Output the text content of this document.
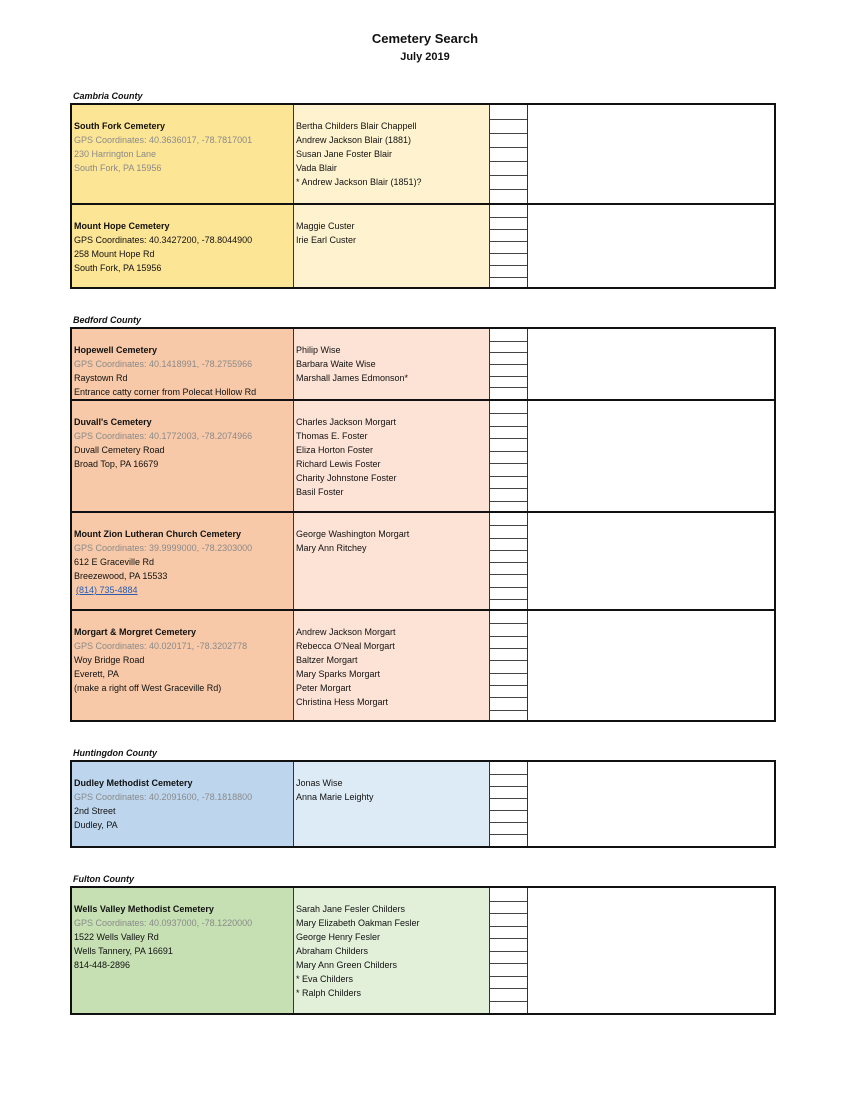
Cemetery Search
July 2019
Cambria County
South Fork Cemetery
GPS Coordinates: 40.3636017, -78.7817001
230 Harrington Lane
South Fork, PA 15956
Bertha Childers Blair Chappell
Andrew Jackson Blair (1881)
Susan Jane Foster Blair
Vada Blair
* Andrew Jackson Blair (1851)?
Mount Hope Cemetery
GPS Coordinates: 40.3427200, -78.8044900
258 Mount Hope Rd
South Fork, PA 15956
Maggie Custer
Irie Earl Custer
Bedford County
Hopewell Cemetery
GPS Coordinates: 40.1418991, -78.2755966
Raystown Rd
Entrance catty corner from Polecat Hollow Rd
Philip Wise
Barbara Waite Wise
Marshall James Edmonson*
Duvall's Cemetery
GPS Coordinates: 40.1772003, -78.2074966
Duvall Cemetery Road
Broad Top, PA 16679
Charles Jackson Morgart
Thomas E. Foster
Eliza Horton Foster
Richard Lewis Foster
Charity Johnstone Foster
Basil Foster
Mount Zion Lutheran Church Cemetery
GPS Coordinates: 39.9999000, -78.2303000
612 E Graceville Rd
Breezewood, PA 15533
(814) 735-4884
George Washington Morgart
Mary Ann Ritchey
Morgart & Morgret Cemetery
GPS Coordinates: 40.020171, -78.3202778
Woy Bridge Road
Everett, PA
(make a right off West Graceville Rd)
Andrew Jackson Morgart
Rebecca O'Neal Morgart
Baltzer Morgart
Mary Sparks Morgart
Peter Morgart
Christina Hess Morgart
Huntingdon County
Dudley Methodist Cemetery
GPS Coordinates: 40.2091600, -78.1818800
2nd Street
Dudley, PA
Jonas Wise
Anna Marie Leighty
Fulton County
Wells Valley Methodist Cemetery
GPS Coordinates: 40.0937000, -78.1220000
1522 Wells Valley Rd
Wells Tannery, PA 16691
814-448-2896
Sarah Jane Fesler Childers
Mary Elizabeth Oakman Fesler
George Henry Fesler
Abraham Childers
Mary Ann Green Childers
* Eva Childers
* Ralph Childers
